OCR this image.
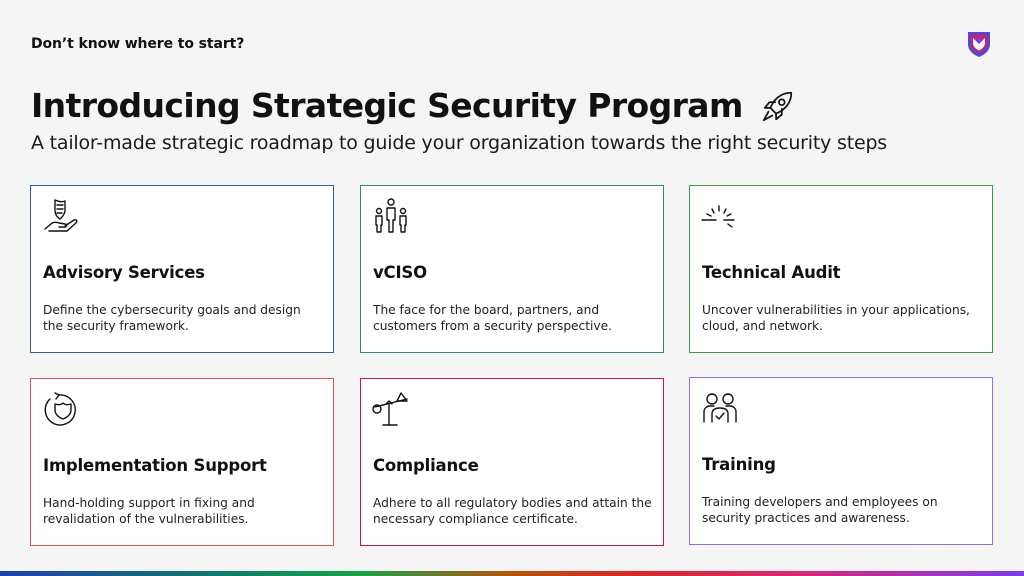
Don’t know where to start?
Introducing Strategic Security Program
A tailor-made strategic roadmap to guide your organization towards the right security steps
Advisory Services
Define the cybersecurity goals and design the security framework.
vCISO
The face for the board, partners, and customers from a security perspective.
Technical Audit
Uncover vulnerabilities in your applications, cloud, and network.
Implementation Support
Hand-holding support in fixing and revalidation of the vulnerabilities.
Compliance
Adhere to all regulatory bodies and attain the necessary compliance certificate.
Training
Training developers and employees on security practices and awareness.
